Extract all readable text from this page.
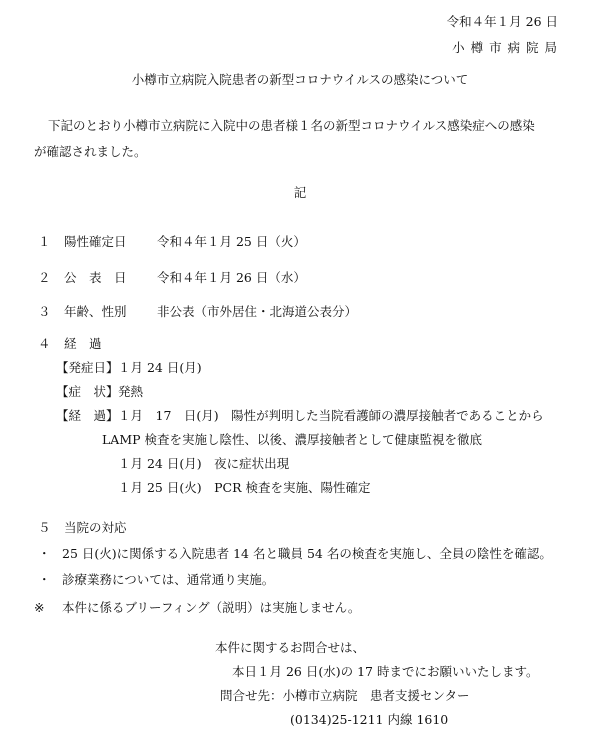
令和４年１月 26 日
小 樽 市 病 院 局
小樽市立病院入院患者の新型コロナウイルスの感染について
下記のとおり小樽市立病院に入院中の患者様１名の新型コロナウイルス感染症への感染
が確認されました。
記
１ 陽性確定日 令和４年１月 25 日（火）
２ 公　表　日 令和４年１月 26 日（水）
３ 年齢、性別 非公表（市外居住・北海道公表分）
４ 経　過
【発症日】 １月 24 日(月)
【症　状】 発熱
【経　過】 １月　17　日(月)　陽性が判明した当院看護師の濃厚接触者であることから
LAMP 検査を実施し陰性、以後、濃厚接触者として健康監視を徹底
１月 24 日(月)　夜に症状出現
１月 25 日(火)　PCR 検査を実施、陽性確定
５ 当院の対応
・ 25 日(火)に関係する入院患者 14 名と職員 54 名の検査を実施し、全員の陰性を確認。
・ 診療業務については、通常通り実施。
※ 本件に係るブリーフィング（説明）は実施しません。
本件に関するお問合せは、
本日１月 26 日(水)の 17 時までにお願いいたします。
問合せ先：小樽市立病院　患者支援センター
(0134)25-1211 内線 1610
